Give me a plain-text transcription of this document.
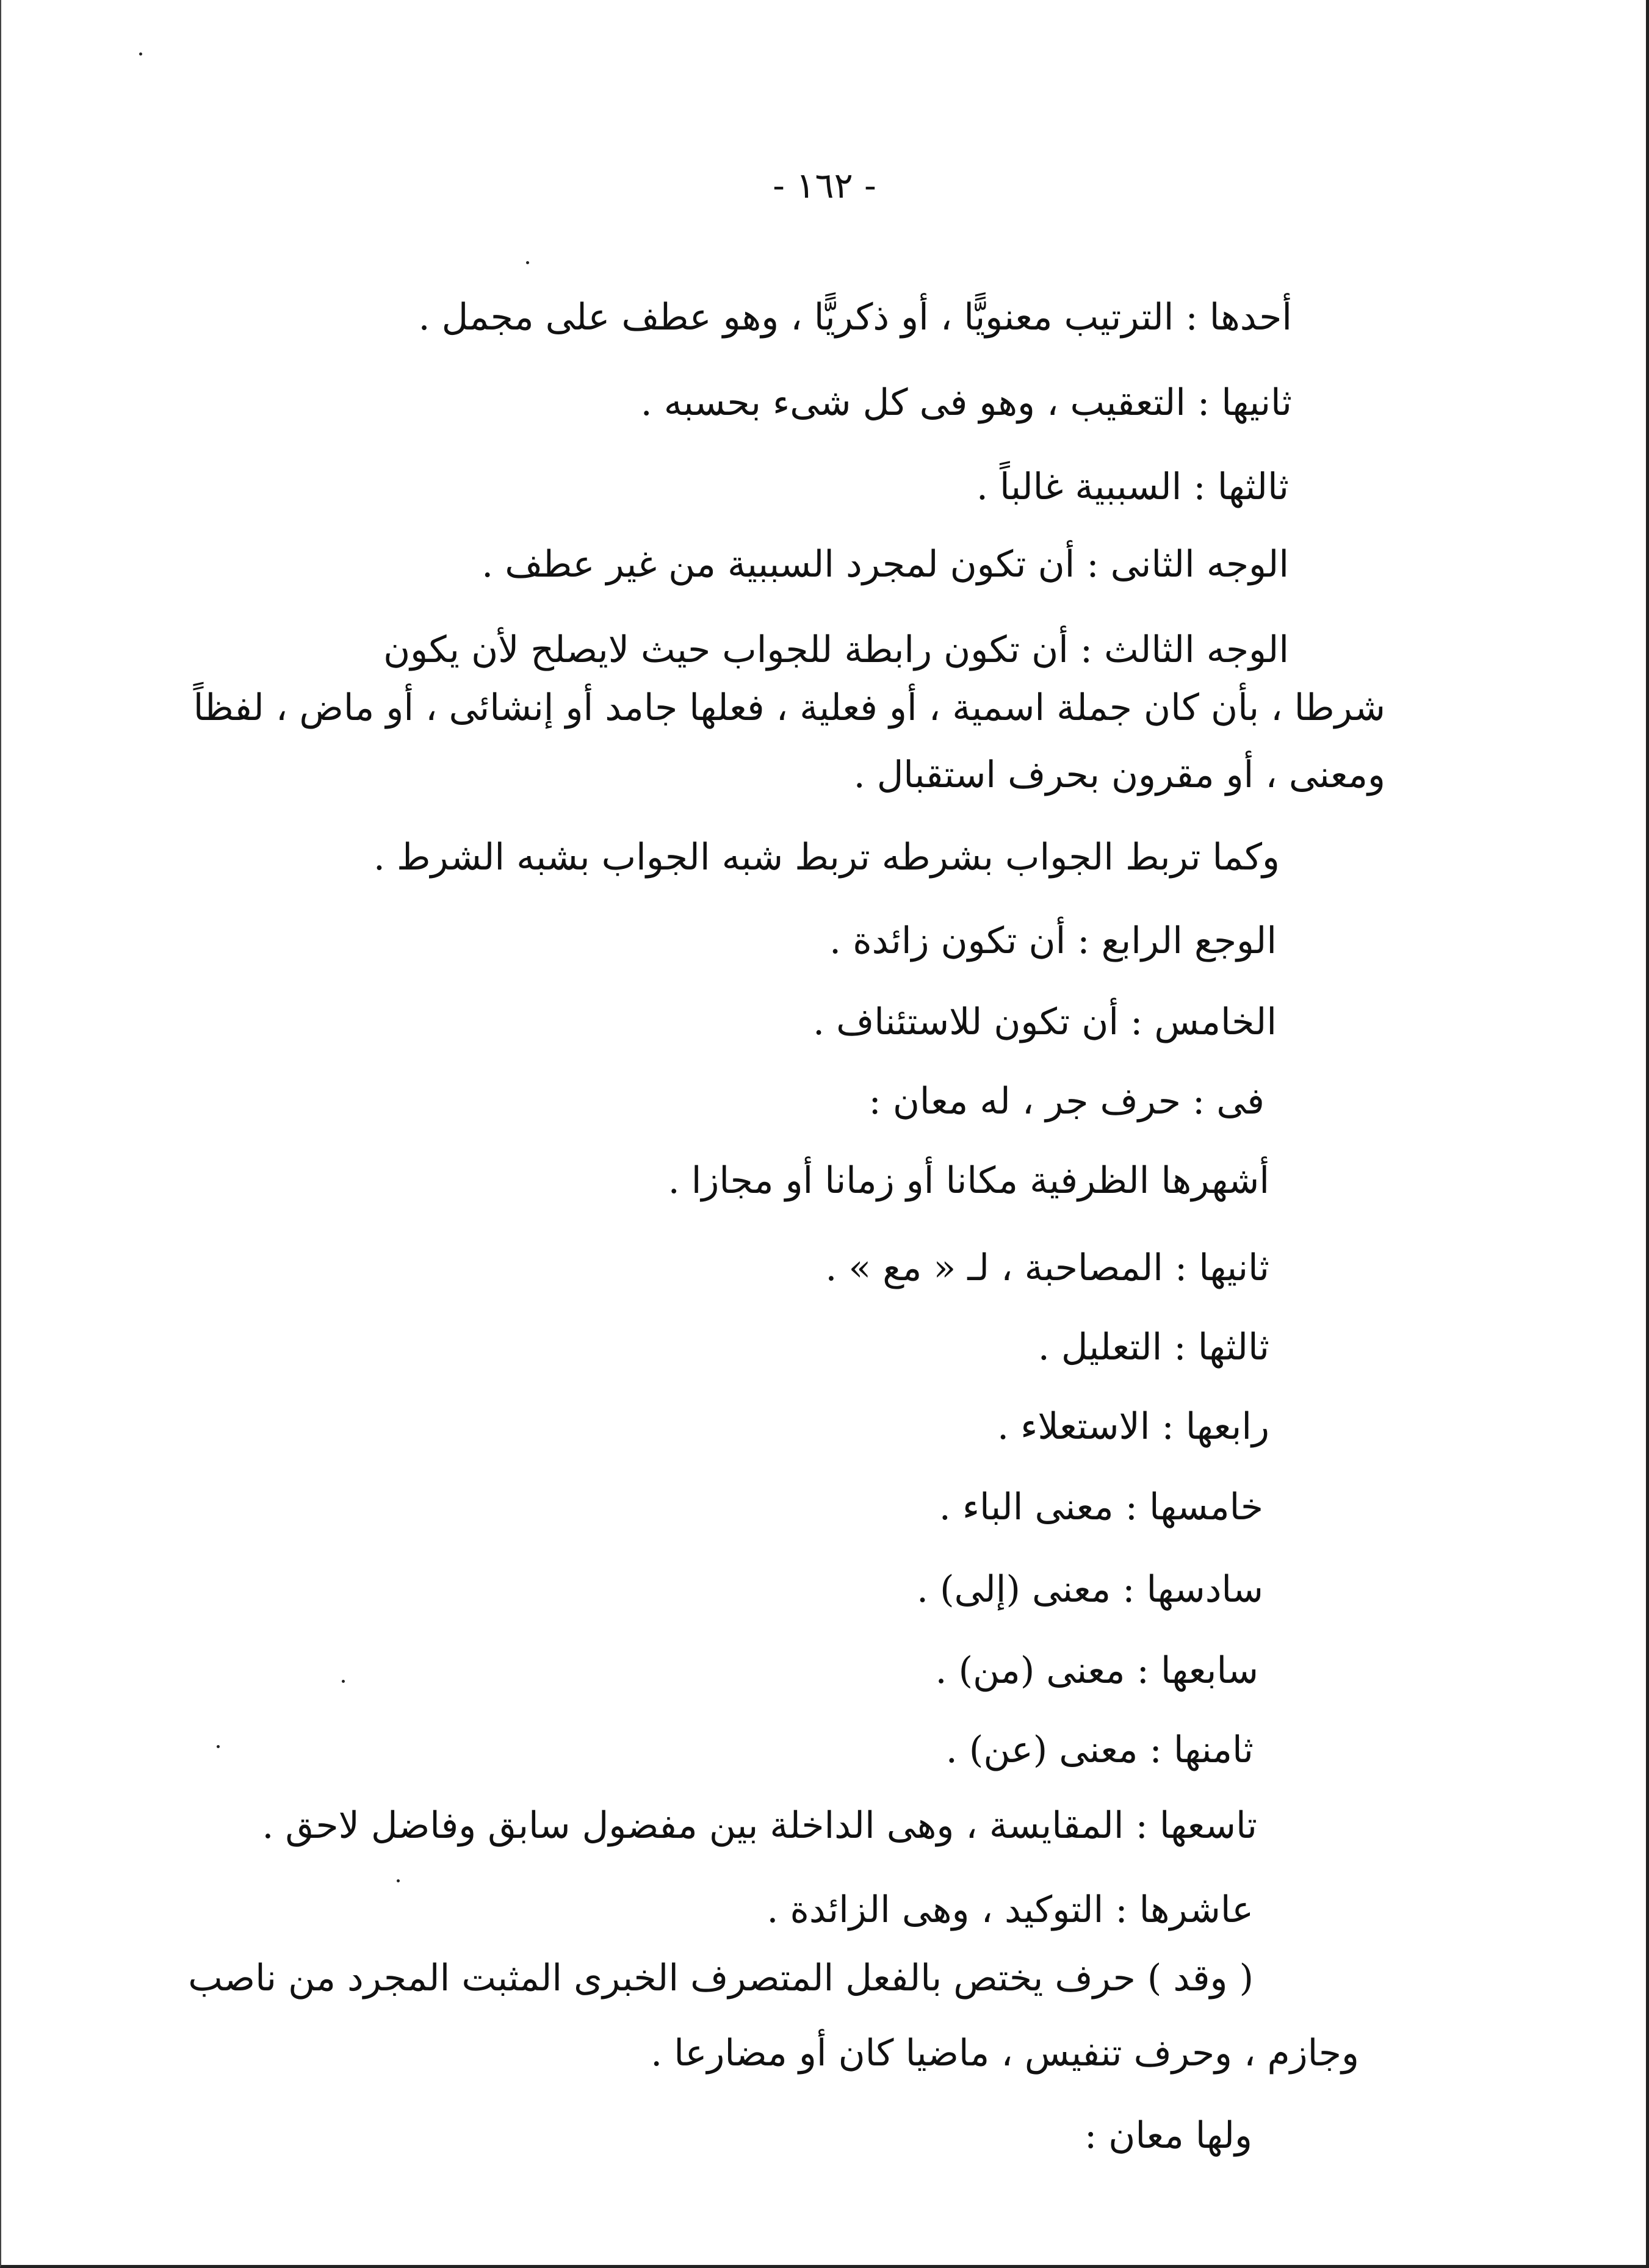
- ١٦٢ -
أحدها : الترتيب معنويًّا ، أو ذكريًّا ، وهو عطف على مجمل .
ثانيها : التعقيب ، وهو فى كل شىء بحسبه .
ثالثها : السببية غالباً .
الوجه الثانى : أن تكون لمجرد السببية من غير عطف .
الوجه الثالث : أن تكون رابطة للجواب حيث لايصلح لأن يكون
شرطا ، بأن كان جملة اسمية ، أو فعلية ، فعلها جامد أو إنشائى ، أو ماض ، لفظاً
ومعنى ، أو مقرون بحرف استقبال .
وكما تربط الجواب بشرطه تربط شبه الجواب بشبه الشرط .
الوجع الرابع : أن تكون زائدة .
الخامس : أن تكون للاستئناف .
فى : حرف جر ، له معان :
أشهرها الظرفية مكانا أو زمانا أو مجازا .
ثانيها : المصاحبة ، لـ « مع » .
ثالثها : التعليل .
رابعها : الاستعلاء .
خامسها : معنى الباء .
سادسها : معنى (إلى) .
سابعها : معنى (من) .
ثامنها : معنى (عن) .
تاسعها : المقايسة ، وهى الداخلة بين مفضول سابق وفاضل لاحق .
عاشرها : التوكيد ، وهى الزائدة .
( وقد ) حرف يختص بالفعل المتصرف الخبرى المثبت المجرد من ناصب
وجازم ، وحرف تنفيس ، ماضيا كان أو مضارعا .
ولها معان :
